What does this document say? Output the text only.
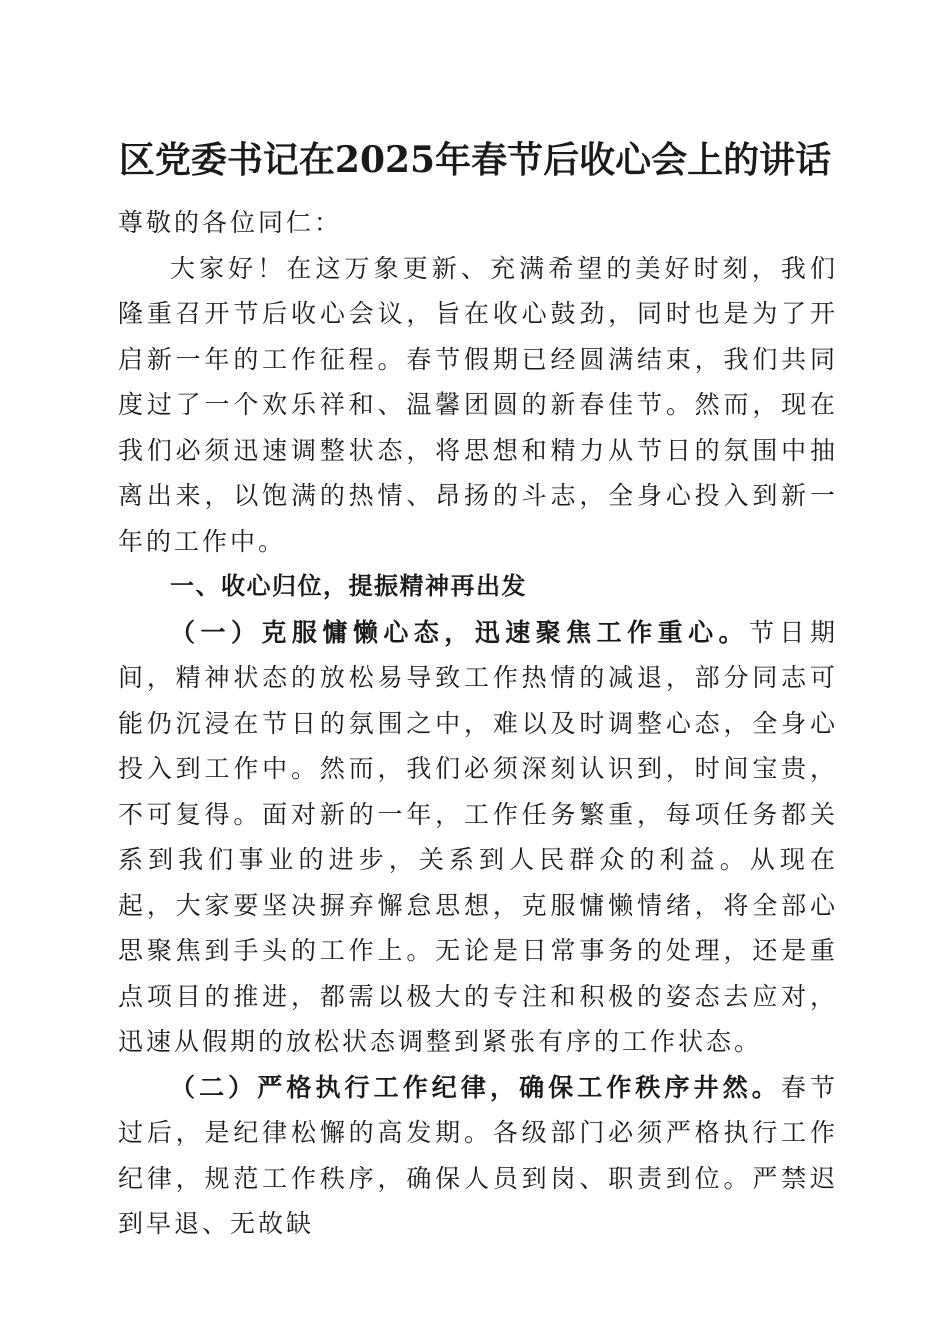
区党委书记在2025年春节后收心会上的讲话

尊敬的各位同仁：

大家好！在这万象更新、充满希望的美好时刻，我们隆重召开节后收心会议，旨在收心鼓劲，同时也是为了开启新一年的工作征程。春节假期已经圆满结束，我们共同度过了一个欢乐祥和、温馨团圆的新春佳节。然而，现在我们必须迅速调整状态，将思想和精力从节日的氛围中抽离出来，以饱满的热情、昂扬的斗志，全身心投入到新一年的工作中。

一、收心归位，提振精神再出发

（一）克服慵懒心态，迅速聚焦工作重心。节日期间，精神状态的放松易导致工作热情的减退，部分同志可能仍沉浸在节日的氛围之中，难以及时调整心态，全身心投入到工作中。然而，我们必须深刻认识到，时间宝贵，不可复得。面对新的一年，工作任务繁重，每项任务都关系到我们事业的进步，关系到人民群众的利益。从现在起，大家要坚决摒弃懈怠思想，克服慵懒情绪，将全部心思聚焦到手头的工作上。无论是日常事务的处理，还是重点项目的推进，都需以极大的专注和积极的姿态去应对，迅速从假期的放松状态调整到紧张有序的工作状态。

（二）严格执行工作纪律，确保工作秩序井然。春节过后，是纪律松懈的高发期。各级部门必须严格执行工作纪律，规范工作秩序，确保人员到岗、职责到位。严禁迟到早退、无故缺
